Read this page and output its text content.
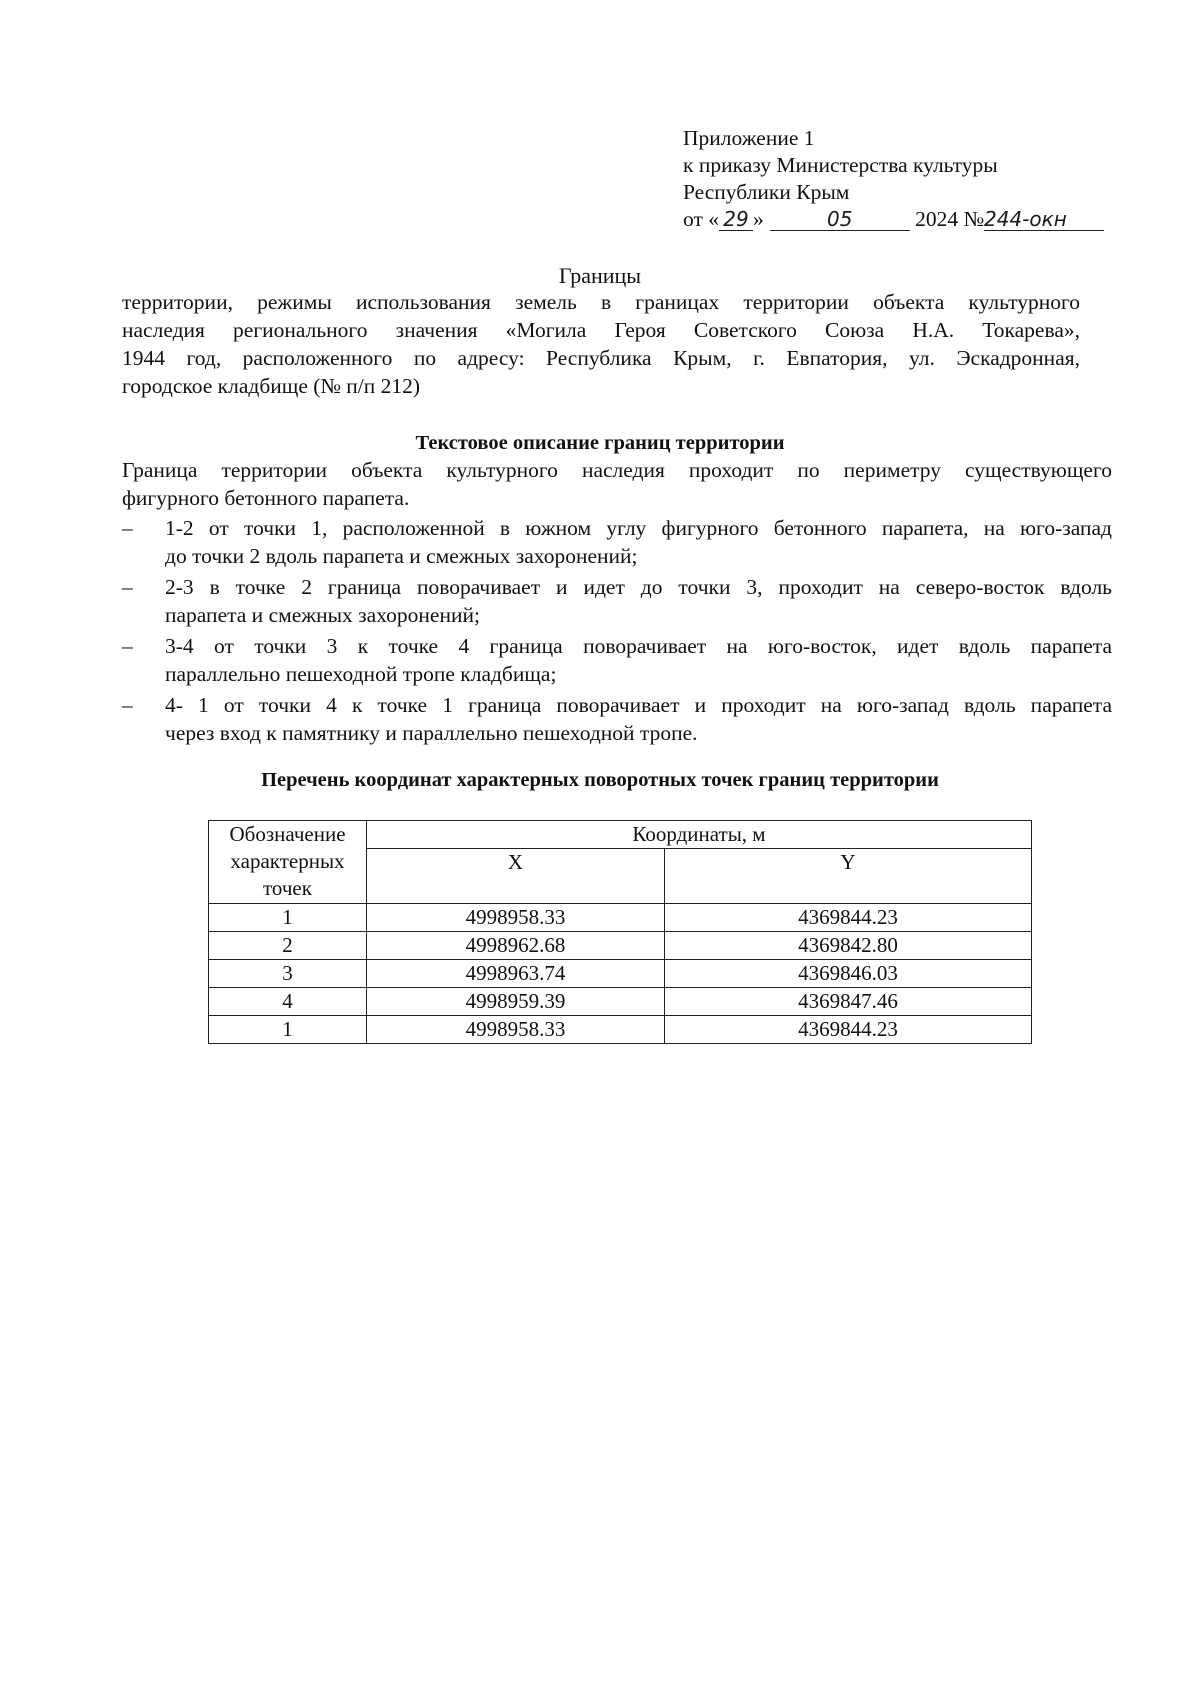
Приложение 1
к приказу Министерства культуры
Республики Крым
от « 29 »	05	2024 №244-окн
Границы
территории, режимы использования земель в границах территории объекта культурного
наследия регионального значения «Могила Героя Советского Союза Н.А. Токарева»,
1944 год, расположенного по адресу: Республика Крым, г. Евпатория, ул. Эскадронная,
городское кладбище (№ п/п 212)
Текстовое описание границ территории
Граница территории объекта культурного наследия проходит по периметру существующего
фигурного бетонного парапета.
–	1-2 от точки 1, расположенной в южном углу фигурного бетонного парапета, на юго-запад
до точки 2 вдоль парапета и смежных захоронений;
–	2-3 в точке 2 граница поворачивает и идет до точки 3, проходит на северо-восток вдоль
парапета и смежных захоронений;
–	3-4 от точки 3 к точке 4 граница поворачивает на юго-восток, идет вдоль парапета
параллельно пешеходной тропе кладбища;
–	4- 1 от точки 4 к точке 1 граница поворачивает и проходит на юго-запад вдоль парапета
через вход к памятнику и параллельно пешеходной тропе.
Перечень координат характерных поворотных точек границ территории
Обозначение
характерных
точек	Координаты, м	
	X	Y
1	4998958.33	4369844.23
2	4998962.68	4369842.80
3	4998963.74	4369846.03
4	4998959.39	4369847.46
1	4998958.33	4369844.23
